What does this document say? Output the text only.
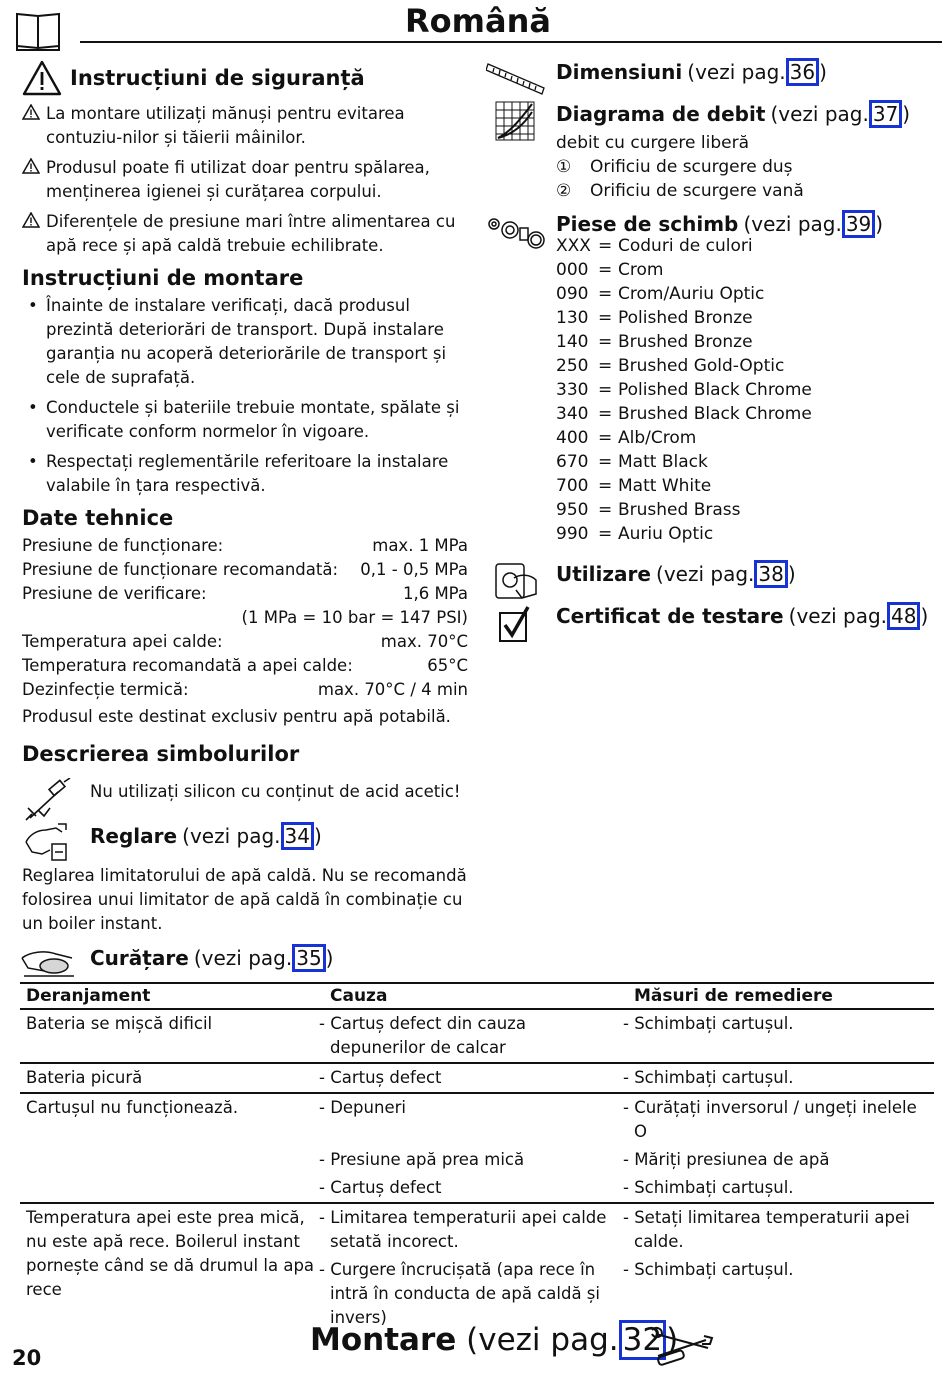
Română
Instrucțiuni de siguranță
La montare utilizați mănuși pentru evitarea contuziu-nilor și tăierii mâinilor.
Produsul poate fi utilizat doar pentru spălarea, menținerea igienei și curățarea corpului.
Diferențele de presiune mari între alimentarea cu apă rece și apă caldă trebuie echilibrate.
Instrucțiuni de montare
• Înainte de instalare verificați, dacă produsul prezintă deteriorări de transport. După instalare garanția nu acoperă deteriorările de transport și cele de suprafață.
• Conductele și bateriile trebuie montate, spălate și verificate conform normelor în vigoare.
• Respectați reglementările referitoare la instalare valabile în țara respectivă.
Date tehnice
Presiune de funcționare:	max. 1 MPa
Presiune de funcționare recomandată: 0,1 - 0,5 MPa
Presiune de verificare:	1,6 MPa
(1 MPa = 10 bar = 147 PSI)
Temperatura apei calde:	max. 70°C
Temperatura recomandată a apei calde:	65°C
Dezinfecție termică:	max. 70°C / 4 min
Produsul este destinat exclusiv pentru apă potabilă.
Descrierea simbolurilor
Nu utilizați silicon cu conținut de acid acetic!
Reglare (vezi pag. 34 )
Reglarea limitatorului de apă caldă. Nu se recomandă folosirea unui limitator de apă caldă în combinație cu un boiler instant.
Curățare (vezi pag. 35 )
Dimensiuni (vezi pag. 36 )
Diagrama de debit (vezi pag. 37 )
debit cu curgere liberă
① Orificiu de scurgere duș
② Orificiu de scurgere vană
Piese de schimb (vezi pag. 39 )
XXX = Coduri de culori
000 = Crom
090 = Crom/Auriu Optic
130 = Polished Bronze
140 = Brushed Bronze
250 = Brushed Gold-Optic
330 = Polished Black Chrome
340 = Brushed Black Chrome
400 = Alb/Crom
670 = Matt Black
700 = Matt White
950 = Brushed Brass
990 = Auriu Optic
Utilizare (vezi pag. 38 )
Certificat de testare (vezi pag. 48 )
Deranjament	Cauza	Măsuri de remediere
Bateria se mișcă dificil	- Cartuș defect din cauza depunerilor de calcar	- Schimbați cartușul.
Bateria picură	- Cartuș defect	- Schimbați cartușul.
Cartușul nu funcționează.	- Depuneri	- Curățați inversorul / ungeți inelele O
	- Presiune apă prea mică	- Măriți presiunea de apă
	- Cartuș defect	- Schimbați cartușul.
Temperatura apei este prea mică, nu este apă rece. Boilerul instant pornește când se dă drumul la apa rece	- Limitarea temperaturii apei calde setată incorect.	- Setați limitarea temperaturii apei calde.
	- Curgere încrucișată (apa rece în intră în conducta de apă caldă și invers)	- Schimbați cartușul.
20	Montare (vezi pag. 32 )
